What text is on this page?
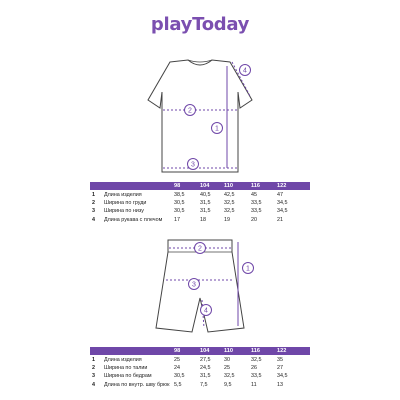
playToday
1
2
3
4
98	104	110	116	122
1 Длина изделия	38,5	40,5	42,5	45	47
2 Ширина по груди	30,5	31,5	32,5	33,5	34,5
3 Ширина по низу	30,5	31,5	32,5	33,5	34,5
4 Длина рукава с плечом 17	18	19	20	21
1
2
3
4
98	104	110	116	122
1 Длина изделия	25	27,5	30	32,5	35
2 Ширина по талии	24	24,5	25	26	27
3 Ширина по бедрам	30,5	31,5	32,5	33,5	34,5
4 Длина по внутр. шву брюк 5,5	7,5	9,5	11	13
